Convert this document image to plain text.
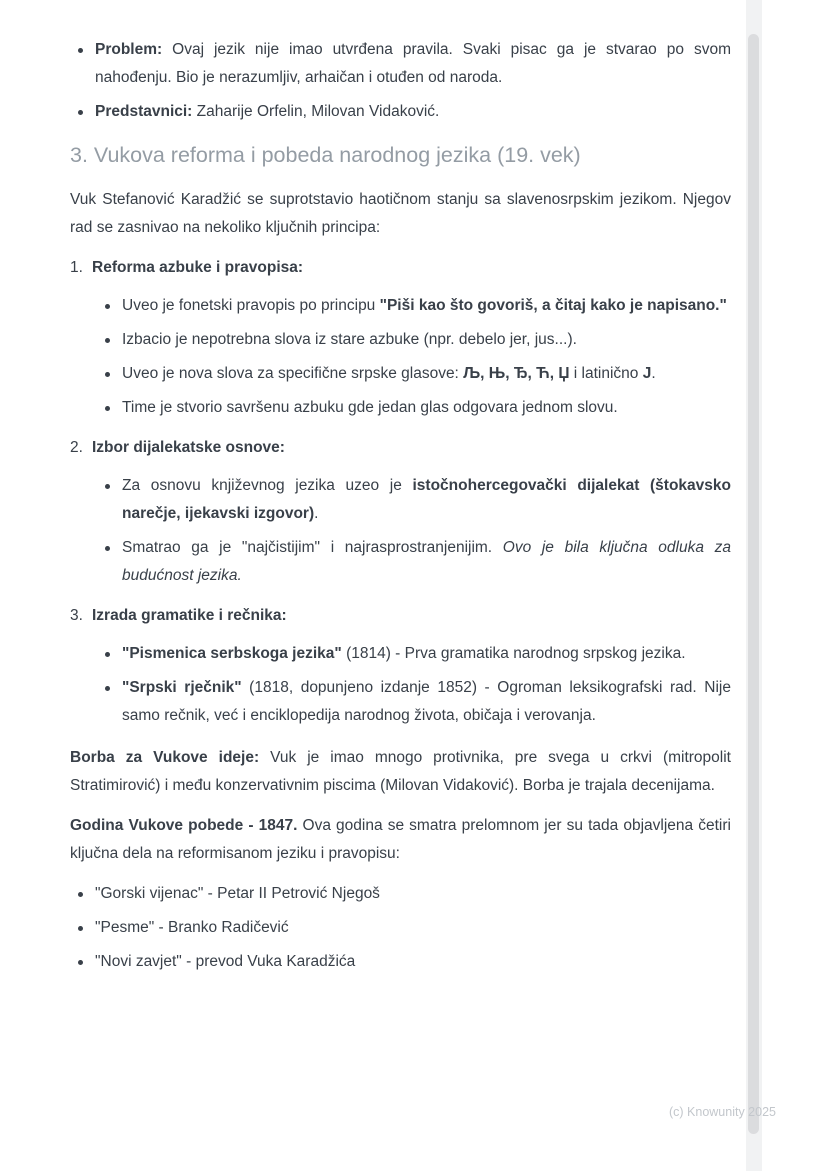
Problem: Ovaj jezik nije imao utvrđena pravila. Svaki pisac ga je stvarao po svom nahođenju. Bio je nerazumljiv, arhaičan i otuđen od naroda.
Predstavnici: Zaharije Orfelin, Milovan Vidaković.
3. Vukova reforma i pobeda narodnog jezika (19. vek)

Vuk Stefanović Karadžić se suprotstavio haotičnom stanju sa slavenosrpskim jezikom. Njegov rad se zasnivao na nekoliko ključnih principa:

Reforma azbuke i pravopisa:
Uveo je fonetski pravopis po principu "Piši kao što govoriš, a čitaj kako je napisano."
Izbacio je nepotrebna slova iz stare azbuke (npr. debelo jer, jus...).
Uveo je nova slova za specifične srpske glasove: Љ, Њ, Ђ, Ћ, Џ i latinično J.
Time je stvorio savršenu azbuku gde jedan glas odgovara jednom slovu.
Izbor dijalekatske osnove:
Za osnovu književnog jezika uzeo je istočnohercegovački dijalekat (štokavsko narečje, ijekavski izgovor).
Smatrao ga je "najčistijim" i najrasprostranjenijim. Ovo je bila ključna odluka za budućnost jezika.
Izrada gramatike i rečnika:
"Pismenica serbskoga jezika" (1814) - Prva gramatika narodnog srpskog jezika.
"Srpski rječnik" (1818, dopunjeno izdanje 1852) - Ogroman leksikografski rad. Nije samo rečnik, već i enciklopedija narodnog života, običaja i verovanja.

Borba za Vukove ideje: Vuk je imao mnogo protivnika, pre svega u crkvi (mitropolit Stratimirović) i među konzervativnim piscima (Milovan Vidaković). Borba je trajala decenijama.

Godina Vukove pobede - 1847. Ova godina se smatra prelomnom jer su tada objavljena četiri ključna dela na reformisanom jeziku i pravopisu:

"Gorski vijenac" - Petar II Petrović Njegoš
"Pesme" - Branko Radičević
"Novi zavjet" - prevod Vuka Karadžića
(c) Knowunity 2025
